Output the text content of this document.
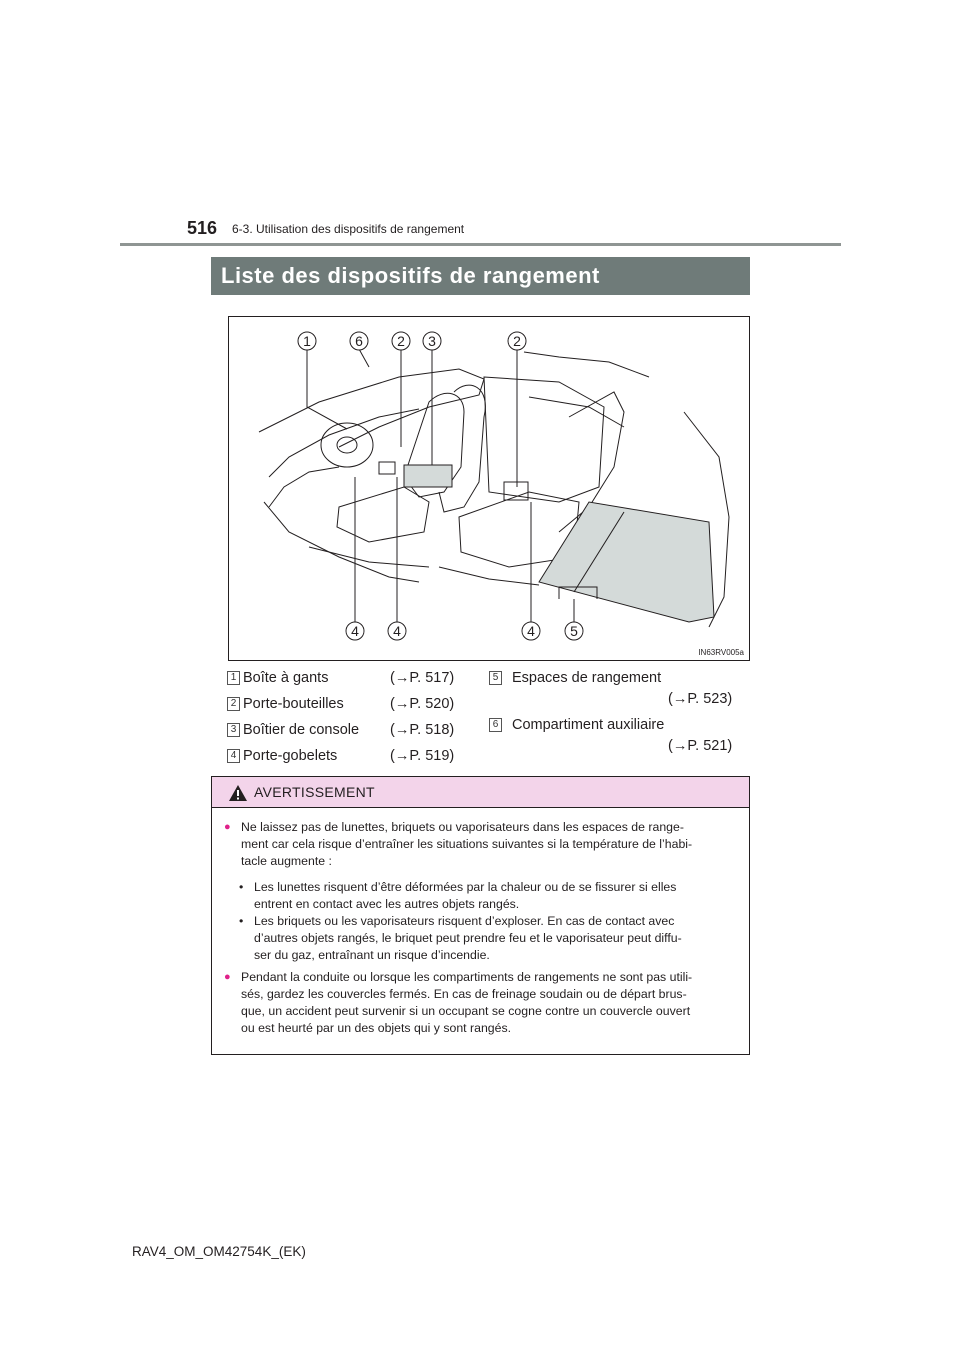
516 6-3. Utilisation des dispositifs de rangement
Liste des dispositifs de rangement
1	6 2 3	2
4 4	4	5
IN63RV005a
1 Boîte à gants	(→P. 517)
2 Porte-bouteilles	(→P. 520)
3 Boîtier de console (→P. 518)
4 Porte-gobelets	(→P. 519)
5 Espaces de rangement
(→P. 523)
6 Compartiment auxiliaire
(→P. 521)
AVERTISSEMENT
● Ne laissez pas de lunettes, briquets ou vaporisateurs dans les espaces de range-
ment car cela risque d’entraîner les situations suivantes si la température de l’habi-
tacle augmente :
• Les lunettes risquent d’être déformées par la chaleur ou de se fissurer si elles
entrent en contact avec les autres objets rangés.
• Les briquets ou les vaporisateurs risquent d’exploser. En cas de contact avec
d’autres objets rangés, le briquet peut prendre feu et le vaporisateur peut diffu-
ser du gaz, entraînant un risque d’incendie.
● Pendant la conduite ou lorsque les compartiments de rangements ne sont pas utili-
sés, gardez les couvercles fermés. En cas de freinage soudain ou de départ brus-
que, un accident peut survenir si un occupant se cogne contre un couvercle ouvert
ou est heurté par un des objets qui y sont rangés.
RAV4_OM_OM42754K_(EK)
